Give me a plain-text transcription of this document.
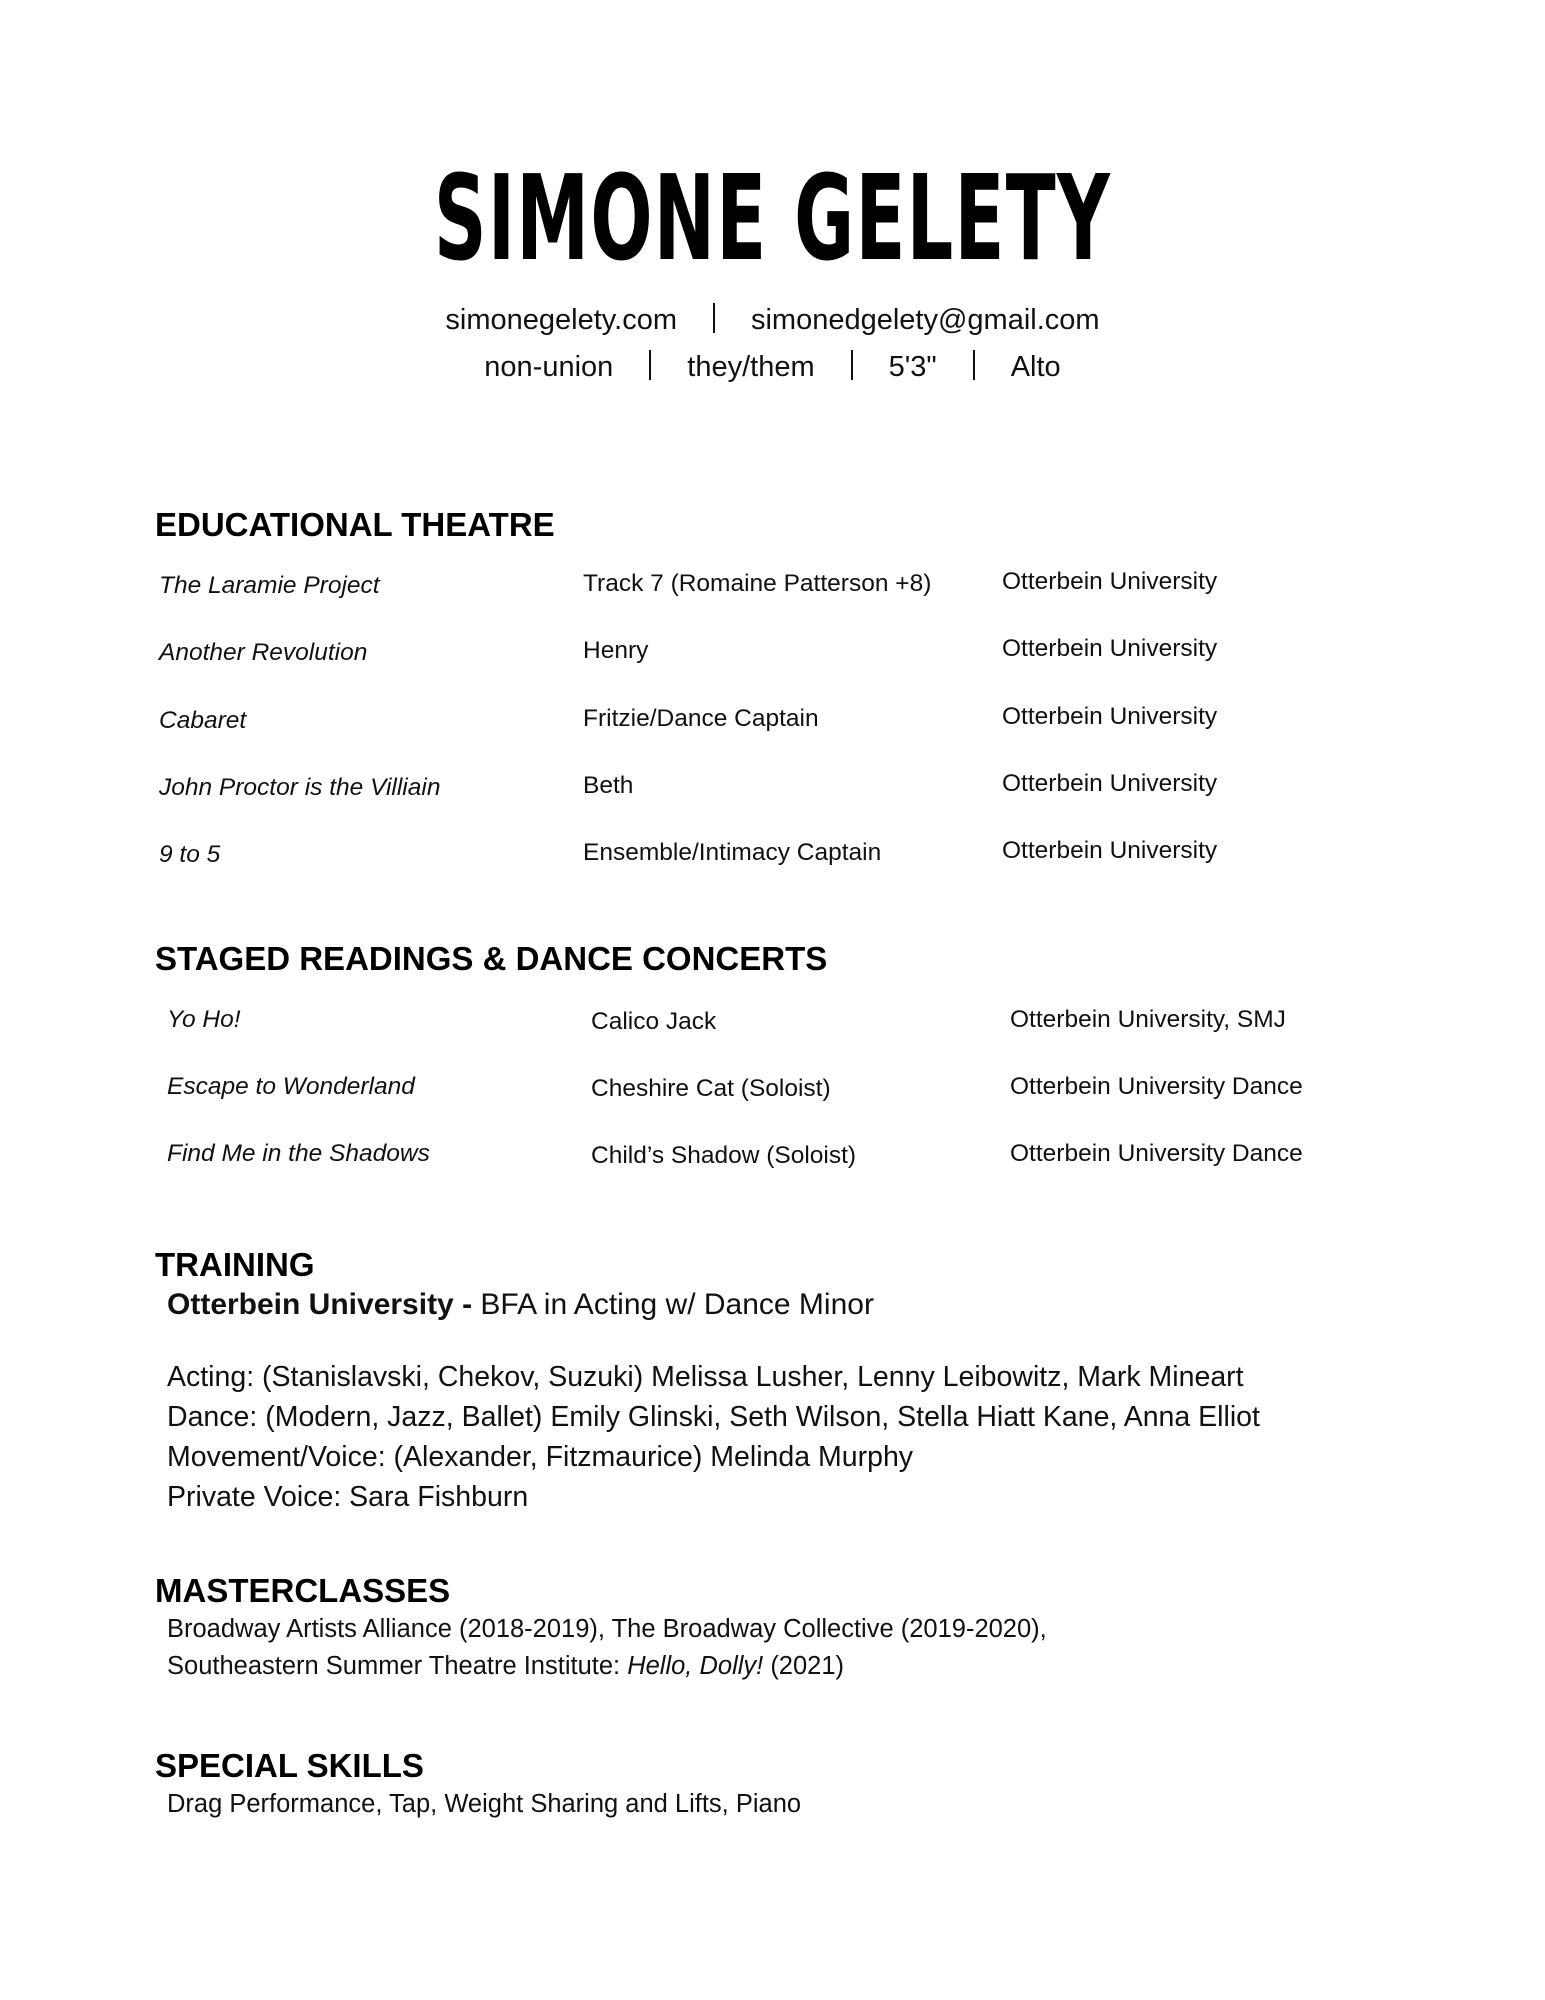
SIMONE GELETY
simonegelety.com	simonedgelety@gmail.com
non-union	they/them	5'3"	Alto
EDUCATIONAL THEATRE
The Laramie Project	Track 7 (Romaine Patterson +8)	Otterbein University
Another Revolution	Henry	Otterbein University
Cabaret	Fritzie/Dance Captain	Otterbein University
John Proctor is the Villiain	Beth	Otterbein University
9 to 5	Ensemble/Intimacy Captain	Otterbein University
STAGED READINGS & DANCE CONCERTS
Yo Ho!	Calico Jack	Otterbein University, SMJ
Escape to Wonderland	Cheshire Cat (Soloist)	Otterbein University Dance
Find Me in the Shadows	Child’s Shadow (Soloist)	Otterbein University Dance
TRAINING
Otterbein University - BFA in Acting w/ Dance Minor
Acting: (Stanislavski, Chekov, Suzuki) Melissa Lusher, Lenny Leibowitz, Mark Mineart
Dance: (Modern, Jazz, Ballet) Emily Glinski, Seth Wilson, Stella Hiatt Kane, Anna Elliot
Movement/Voice: (Alexander, Fitzmaurice) Melinda Murphy
Private Voice: Sara Fishburn
MASTERCLASSES
Broadway Artists Alliance (2018-2019), The Broadway Collective (2019-2020),
Southeastern Summer Theatre Institute: Hello, Dolly! (2021)
SPECIAL SKILLS
Drag Performance, Tap, Weight Sharing and Lifts, Piano
